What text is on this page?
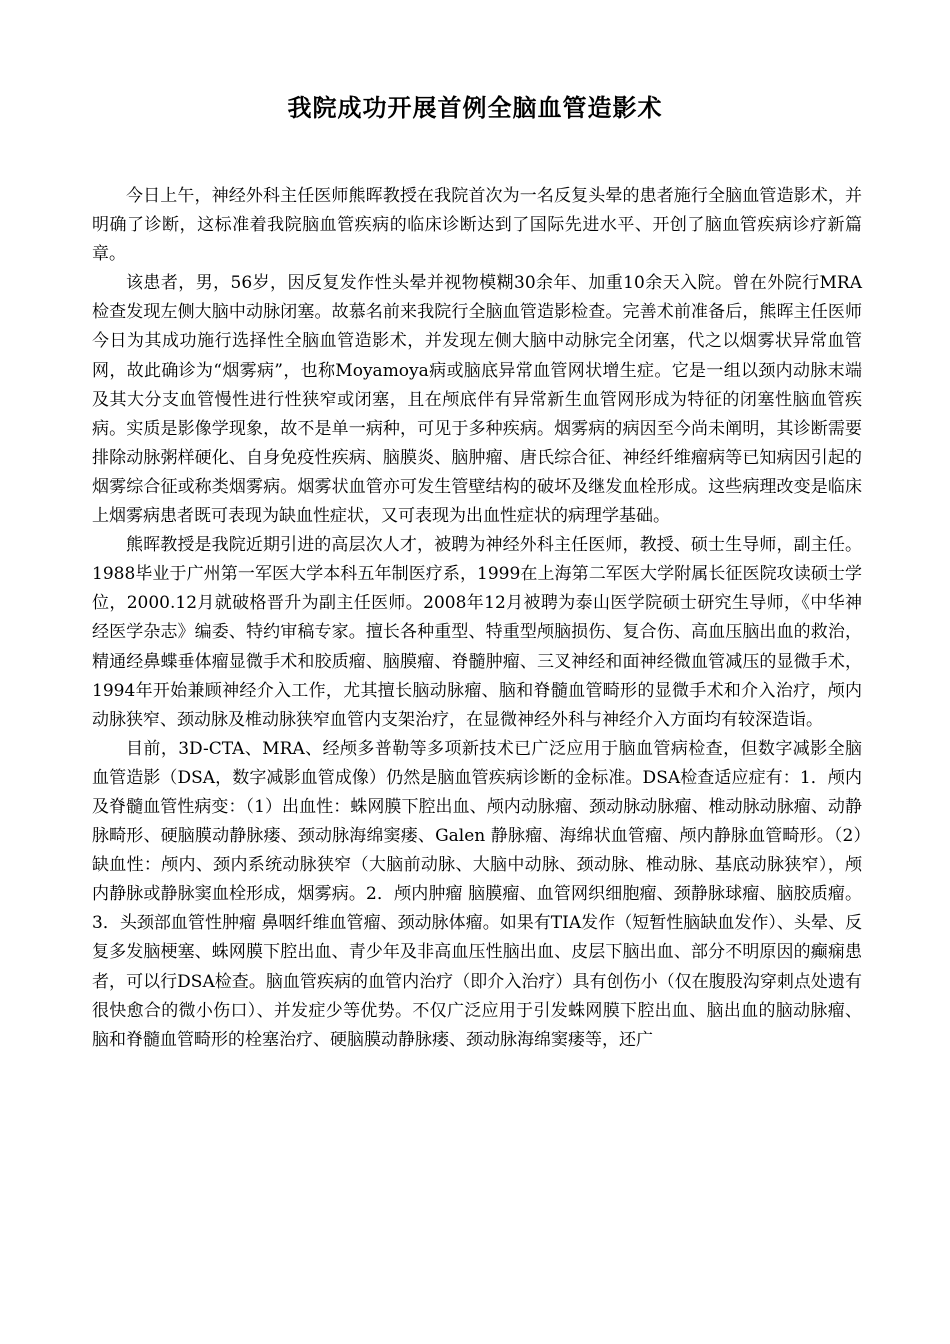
我院成功开展首例全脑血管造影术

今日上午，神经外科主任医师熊晖教授在我院首次为一名反复头晕的患者施行全脑血管造影术，并明确了诊断，这标准着我院脑血管疾病的临床诊断达到了国际先进水平、开创了脑血管疾病诊疗新篇章。

该患者，男，56岁，因反复发作性头晕并视物模糊30余年、加重10余天入院。曾在外院行MRA检查发现左侧大脑中动脉闭塞。故慕名前来我院行全脑血管造影检查。完善术前准备后，熊晖主任医师今日为其成功施行选择性全脑血管造影术，并发现左侧大脑中动脉完全闭塞，代之以烟雾状异常血管网，故此确诊为“烟雾病”，也称Moyamoya病或脑底异常血管网状增生症。它是一组以颈内动脉末端及其大分支血管慢性进行性狭窄或闭塞，且在颅底伴有异常新生血管网形成为特征的闭塞性脑血管疾病。实质是影像学现象，故不是单一病种，可见于多种疾病。烟雾病的病因至今尚未阐明，其诊断需要排除动脉粥样硬化、自身免疫性疾病、脑膜炎、脑肿瘤、唐氏综合征、神经纤维瘤病等已知病因引起的烟雾综合征或称类烟雾病。烟雾状血管亦可发生管壁结构的破坏及继发血栓形成。这些病理改变是临床上烟雾病患者既可表现为缺血性症状，又可表现为出血性症状的病理学基础。

熊晖教授是我院近期引进的高层次人才，被聘为神经外科主任医师，教授、硕士生导师，副主任。1988毕业于广州第一军医大学本科五年制医疗系，1999在上海第二军医大学附属长征医院攻读硕士学位，2000.12月就破格晋升为副主任医师。2008年12月被聘为泰山医学院硕士研究生导师，《中华神经医学杂志》编委、特约审稿专家。擅长各种重型、特重型颅脑损伤、复合伤、高血压脑出血的救治，精通经鼻蝶垂体瘤显微手术和胶质瘤、脑膜瘤、脊髓肿瘤、三叉神经和面神经微血管减压的显微手术，1994年开始兼顾神经介入工作，尤其擅长脑动脉瘤、脑和脊髓血管畸形的显微手术和介入治疗，颅内动脉狭窄、颈动脉及椎动脉狭窄血管内支架治疗，在显微神经外科与神经介入方面均有较深造诣。

目前，3D-CTA、MRA、经颅多普勒等多项新技术已广泛应用于脑血管病检查，但数字减影全脑血管造影（DSA，数字减影血管成像）仍然是脑血管疾病诊断的金标准。DSA检查适应症有：1．颅内及脊髓血管性病变：（1）出血性：蛛网膜下腔出血、颅内动脉瘤、颈动脉动脉瘤、椎动脉动脉瘤、动静脉畸形、硬脑膜动静脉瘘、颈动脉海绵窦瘘、Galen 静脉瘤、海绵状血管瘤、颅内静脉血管畸形。（2）缺血性：颅内、颈内系统动脉狭窄（大脑前动脉、大脑中动脉、颈动脉、椎动脉、基底动脉狭窄），颅内静脉或静脉窦血栓形成，烟雾病。2．颅内肿瘤 脑膜瘤、血管网织细胞瘤、颈静脉球瘤、脑胶质瘤。3．头颈部血管性肿瘤 鼻咽纤维血管瘤、颈动脉体瘤。如果有TIA发作（短暂性脑缺血发作）、头晕、反复多发脑梗塞、蛛网膜下腔出血、青少年及非高血压性脑出血、皮层下脑出血、部分不明原因的癫痫患者，可以行DSA检查。脑血管疾病的血管内治疗（即介入治疗）具有创伤小（仅在腹股沟穿刺点处遗有很快愈合的微小伤口）、并发症少等优势。不仅广泛应用于引发蛛网膜下腔出血、脑出血的脑动脉瘤、脑和脊髓血管畸形的栓塞治疗、硬脑膜动静脉瘘、颈动脉海绵窦瘘等，还广
